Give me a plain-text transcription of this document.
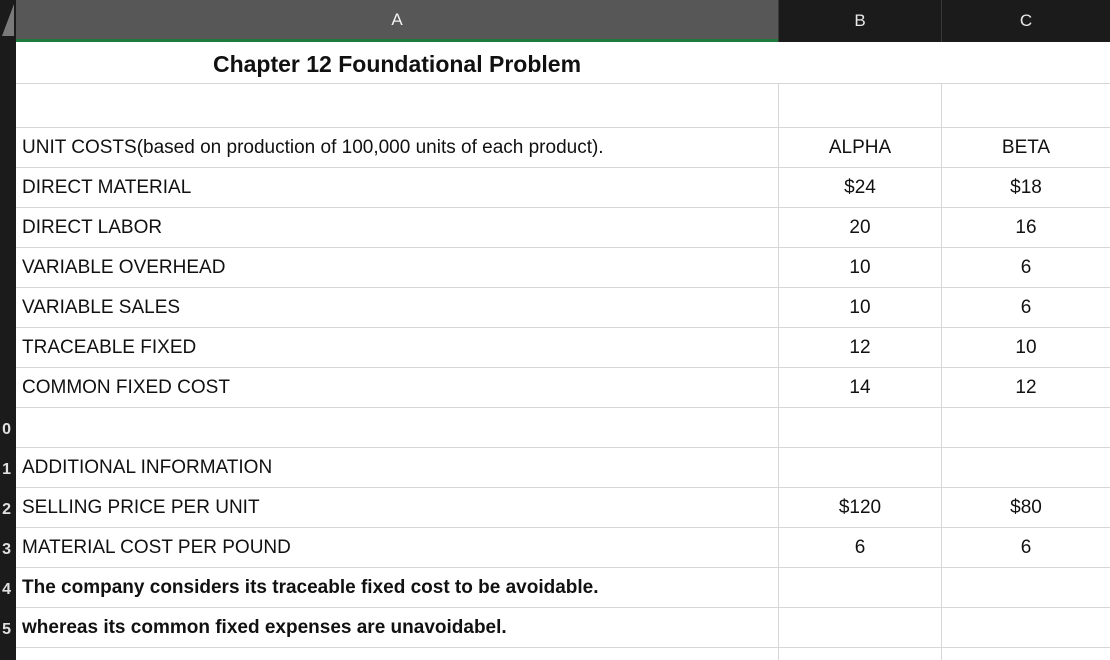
A	B	C
0
1
2
3
4
5
Chapter 12 Foundational Problem
UNIT COSTS(based on production of 100,000 units of each product).	ALPHA	BETA
DIRECT MATERIAL	$24	$18
DIRECT LABOR	20	16
VARIABLE OVERHEAD	10	6
VARIABLE SALES	10	6
TRACEABLE FIXED	12	10
COMMON FIXED COST	14	12
ADDITIONAL INFORMATION
SELLING PRICE PER UNIT	$120	$80
MATERIAL COST PER POUND	6	6
The company considers its traceable fixed cost to be avoidable.
whereas its common fixed expenses are unavoidabel.
